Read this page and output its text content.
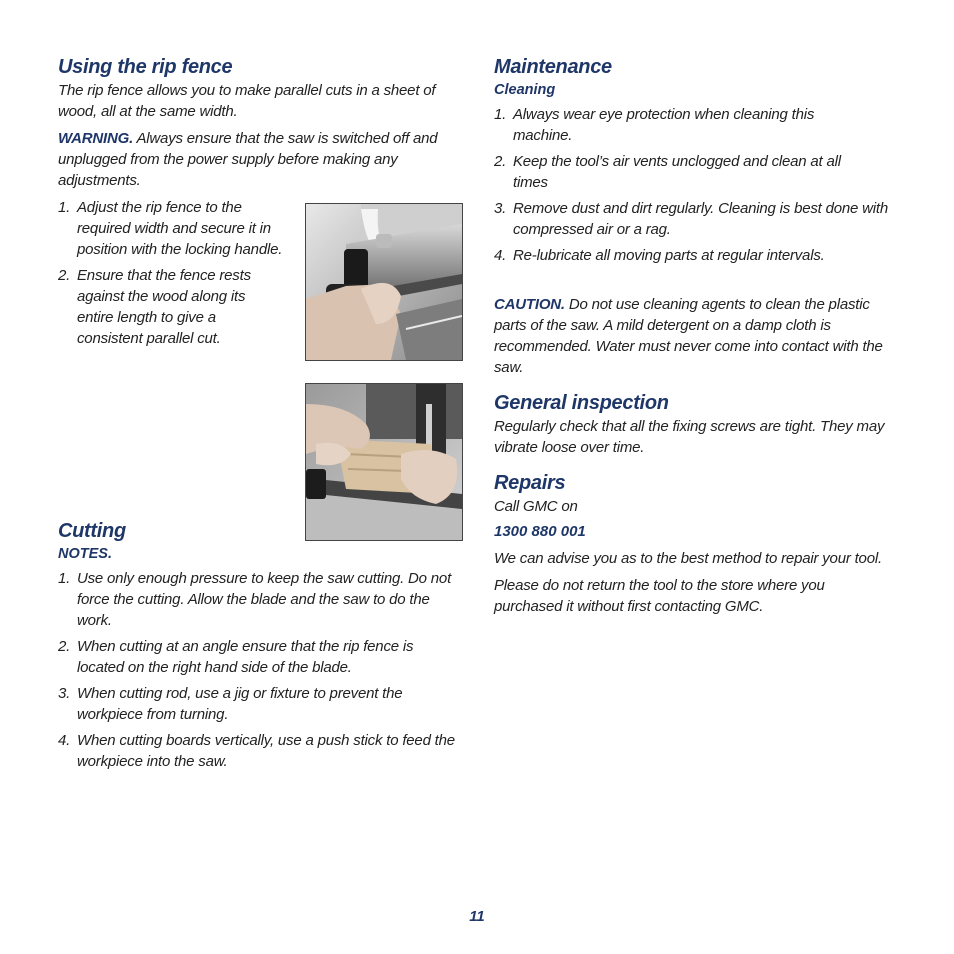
Using the rip fence

The rip fence allows you to make parallel cuts in a sheet of wood, all at the same width.

WARNING. Always ensure that the saw is switched off and unplugged from the power supply before making any adjustments.

1. Adjust the rip fence to the required width and secure it in position with the locking handle.
2. Ensure that the fence rests against the wood along its entire length to give a consistent parallel cut.
Cutting
NOTES.
1. Use only enough pressure to keep the saw cutting. Do not force the cutting. Allow the blade and the saw to do the work.
2. When cutting at an angle ensure that the rip fence is located on the right hand side of the blade.
3. When cutting rod, use a jig or fixture to prevent the workpiece from turning.
4. When cutting boards vertically, use a push stick to feed the workpiece into the saw.
Maintenance
Cleaning
1. Always wear eye protection when cleaning this machine.
2. Keep the tool’s air vents unclogged and clean at all times
3. Remove dust and dirt regularly. Cleaning is best done with compressed air or a rag.
4. Re-lubricate all moving parts at regular intervals.

CAUTION. Do not use cleaning agents to clean the plastic parts of the saw. A mild detergent on a damp cloth is recommended. Water must never come into contact with the saw.

General inspection

Regularly check that all the fixing screws are tight. They may vibrate loose over time.

Repairs

Call GMC on

1300 880 001

We can advise you as to the best method to repair your tool.

Please do not return the tool to the store where you purchased it without first contacting GMC.

11
